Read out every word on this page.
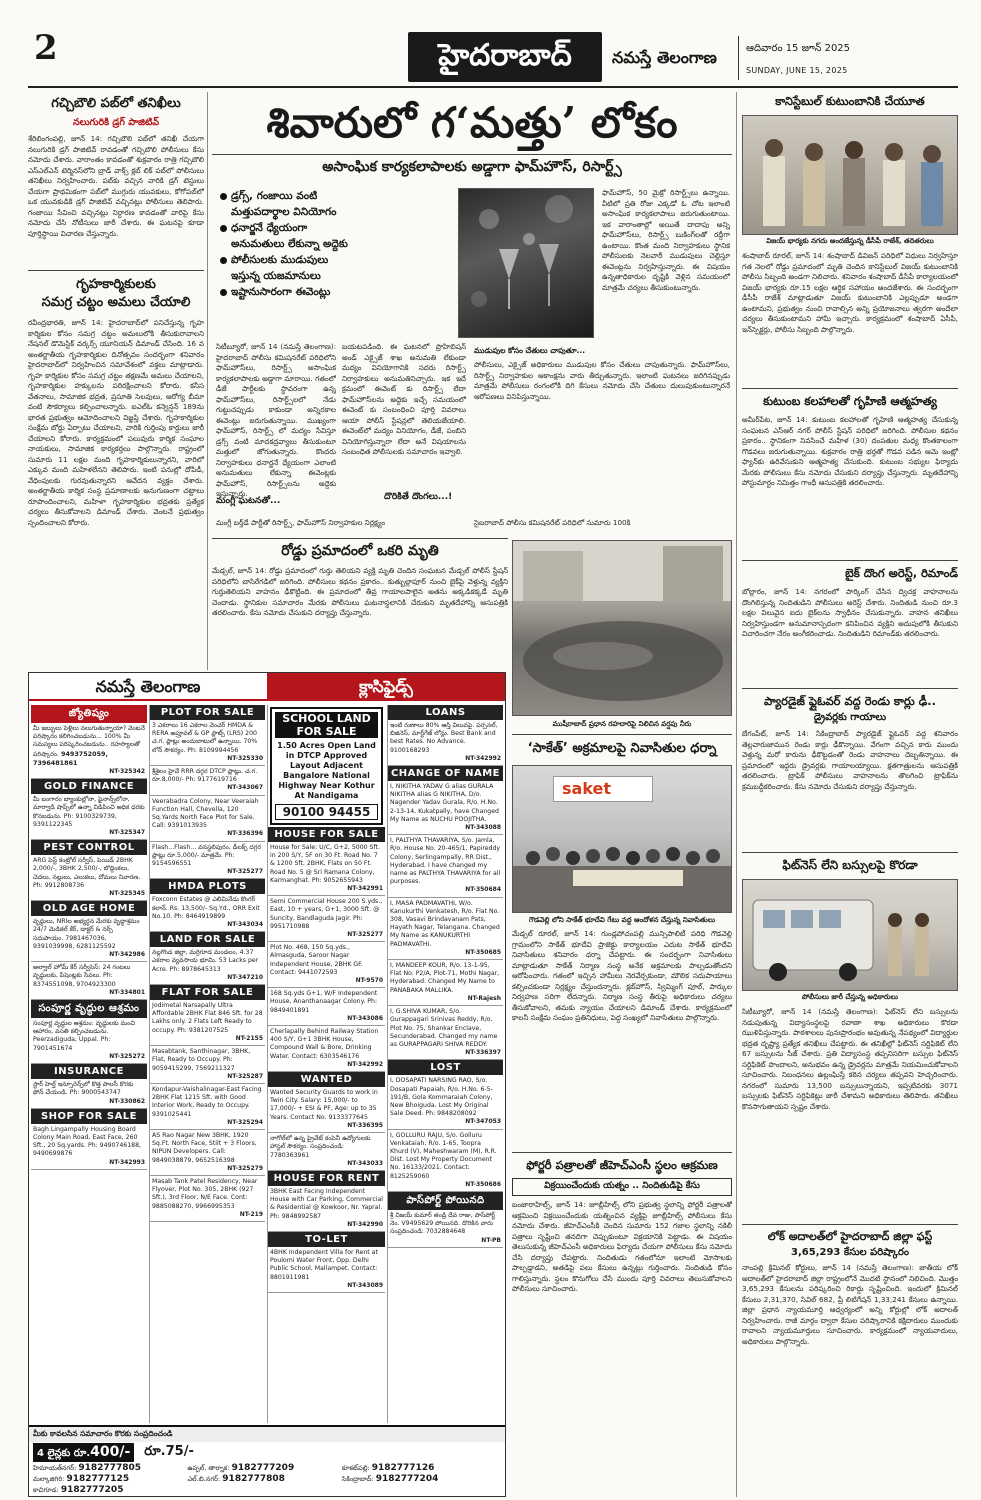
2	హైదరాబాద్	నమస్తే తెలంగాణ	ఆదివారం 15 జూన్ 2025
SUNDAY, JUNE 15, 2025
గచ్చిబౌలి పబ్‌లో తనిఖీలు
నలుగురికి డ్రగ్ పాజిటివ్
శేరిలింగంపల్లి, జూన్ 14: గచ్చిబౌలి పబ్‌లో తనిఖీ చేయగా నలుగురికి డ్రగ్ పాజిటివ్ రావడంతో గచ్చిబౌలి పోలీసులు కేసు నమోదు చేశారు. వారాంతం కావడంతో శుక్రవారం రాత్రి గచ్చిబౌలి ఎస్ఎల్ఎన్ టెర్మినస్‌లోని బ్రాడ్ వాక్స్ క్లబ్ లిక్ పబ్‌లో పోలీసులు తనిఖీలు నిర్వహించారు. పబ్‌కు వచ్చిన వారికి డ్రగ్ టెస్టులు చేయగా ప్రాథమికంగా పబ్‌లో ముగ్గురు యువకులు, కోగోపబ్‌లో ఒక యువకుడికి డ్రగ్ పాజిటివ్ వచ్చినట్లు పోలీసులు తెలిపారు. గంజాయి సేవించి వచ్చినట్లు నిర్ధారణ కావడంతో వారిపై కేసు నమోదు చేసి నోటీసులు జారీ చేశారు. ఈ ఘటనపై కూడా పూర్తిస్థాయి విచారణ చేస్తున్నారు.
గృహకార్మికులకు
సమగ్ర చట్టం అమలు చేయాలి
రవీంద్రభారతి, జూన్ 14: హైదరాబాద్‌లో పనిచేస్తున్న గృహ కార్మికుల కోసం సమగ్ర చట్టం అమలులోకి తీసుకురావాలని నేషనల్ డొమెస్టిక్ వర్కర్స్ యూనియన్ డిమాండ్ చేసింది. 16 వ అంతర్జాతీయ గృహకార్మికుల దినోత్సవం సందర్భంగా శనివారం హైదరాబాద్‌లో నిర్వహించిన సమావేశంలో వక్తలు మాట్లాడారు. గృహ కార్మికుల కోసం సమగ్ర చట్టం తక్షణమే అమలు చేయాలని, గృహకార్మికుల హక్కులను పరిరక్షించాలని కోరారు. కనీస వేతనాలు, సామాజిక భద్రత, ప్రసూతి సెలవులు, ఆరోగ్య బీమా వంటి సౌకర్యాలు కల్పించాలన్నారు. ఐఎల్ఓ కన్వెన్షన్ 189ను భారత ప్రభుత్వం ఆమోదించాలని విజ్ఞప్తి చేశారు. గృహకార్మికుల సంక్షేమ బోర్డు ఏర్పాటు చేయాలని, వారికి గుర్తింపు కార్డులు జారీ చేయాలని కోరారు. కార్యక్రమంలో పలువురు కార్మిక సంఘాల నాయకులు, సామాజిక కార్యకర్తలు పాల్గొన్నారు. రాష్ట్రంలో సుమారు 11 లక్షల మంది గృహకార్మికులున్నారని, వారిలో ఎక్కువ మంది మహిళలేనని తెలిపారు. ఇంటి పనుల్లో దోపిడీ, వేధింపులకు గురవుతున్నారని ఆవేదన వ్యక్తం చేశారు. అంతర్జాతీయ కార్మిక సంస్థ ప్రమాణాలకు అనుగుణంగా చట్టాలు రూపొందించాలని, మహిళా గృహకార్మికుల భద్రతకు ప్రత్యేక చర్యలు తీసుకోవాలని డిమాండ్ చేశారు. వెంటనే ప్రభుత్వం స్పందించాలని కోరారు.
శివారులో గ‘మత్తు’ లోకం
అసాంఘిక కార్యకలాపాలకు అడ్డాగా ఫామ్‌హౌస్, రిసార్ట్స్
డ్రగ్స్, గంజాయి వంటి
మత్తుపదార్థాల వినియోగం
ధనార్జనే ధ్యేయంగా
అనుమతులు లేకున్నా అద్దెకు
పోలీసులకు ముడుపులు
ఇస్తున్న యజమానులు
ఇష్టానుసారంగా ఈవెంట్లు
ఫామ్‌హౌస్, 50 మైక్రో రిసార్ట్స్‌లు ఉన్నాయి. వీటిలో ప్రతి రోజు ఎక్కడో ఓ చోట ఇలాంటి అసాంఘిక కార్యకలాపాలు జరుగుతుంటాయి. ఇక వారాంతాల్లో అయితే దాదాపు అన్ని ఫామ్‌హౌస్‌లు, రిసార్ట్స్ బుకింగ్‌లతో రద్దీగా ఉంటాయి. కొంత మంది నిర్వాహకులు స్థానిక పోలీసులకు నెలవారీ ముడుపులు చెల్లిస్తూ ఈవెంట్లను నిర్వహిస్తున్నారు. ఈ విషయం ఉన్నతాధికారుల దృష్టికి వెళ్లిన సమయంలో మాత్రమే చర్యలు తీసుకుంటున్నారు.
సిటీబ్యూరో, జూన్ 14 (నమస్తే తెలంగాణ): హైదరాబాద్ పోలీసు కమిషనరేట్ పరిధిలోని ఫామ్‌హౌస్‌లు, రిసార్ట్స్ అసాంఘిక కార్యకలాపాలకు అడ్డాగా మారాయి. గతంలో డీజే పార్టీలకు స్థావరంగా ఉన్న ఫామ్‌హౌస్‌లు, రిసార్ట్స్‌లలో నేడు గుట్టుచప్పుడు కాకుండా అన్నిరకాల ఈవెంట్లు జరుగుతున్నాయి. ముఖ్యంగా ఫామ్‌హౌస్, రిసార్ట్స్ లో మద్యం సేవిస్తూ డ్రగ్స్ వంటి మాదకద్రవ్యాలు తీసుకుంటూ మత్తులో జోగుతున్నారు. కొందరు నిర్వాహకులు ధనార్జనే ధ్యేయంగా ఎలాంటి అనుమతులు లేకున్నా ఈవెంట్లకు ఫామ్‌హౌస్, రిసార్ట్స్‌లను అద్దెకు ఇస్తున్నారు.
మంగ్లీ ఘటనతో...
బయటపడింది. ఈ ఘటనలో ప్రొహిబిషన్ అండ్ ఎక్సైజ్ శాఖ అనుమతి లేకుండా మద్యం వినియోగానికి సదరు రిసార్ట్స్ నిర్వాహకులు అనుమతినిచ్చారు. ఇక ఇదే క్రమంలో ఈవెంట్ కు రిసార్ట్స్ లేదా ఫామ్‌హౌస్‌లను అద్దెకు ఇచ్చే సమయంలో ఈవెంట్ కు సంబంధించి పూర్తి వివరాలు ఆయా పోలీస్ స్టేషన్లలో తెలియజేయాలి. ఈవెంట్‌లో మద్యం వినియోగం, డీజే, పంబిని వినియోగిస్తున్నారా లేదా అనే విషయాలను సంబంధిత పోలీసులకు సమాచారం ఇవ్వాలి.
దొరికితే దొంగలు...!
ముడుపుల కోసం చేతులు చాపుతూ...
పోలీసులు, ఎక్సైజ్ అధికారులు ముడుపుల కోసం చేతులు చాపుతున్నారు. ఫామ్‌హౌస్‌లు, రిసార్ట్స్ నిర్వాహకుల ఆకాంక్షను వారు తీర్చుతున్నారు. ఇలాంటి ఘటనలు జరిగినప్పుడు మాత్రమే పోలీసులు రంగంలోకి దిగి కేసులు నమోదు చేసి చేతులు దులుపుకుంటున్నారనే ఆరోపణలు వినిపిస్తున్నాయి.
మంగ్లీ బర్త్‌డే పార్టీతో రిసార్ట్స్, ఫామ్‌హౌస్ నిర్వాహకుల నిర్లక్ష్యం	సైబరాబాద్ పోలీసు కమిషనరేట్ పరిధిలో సుమారు 100కి
రోడ్డు ప్రమాదంలో ఒకరి మృతి
మేడ్చల్, జూన్ 14: రోడ్డు ప్రమాదంలో గుర్తు తెలియని వ్యక్తి మృతి చెందిన సంఘటన మేడ్చల్ పోలీస్ స్టేషన్ పరిధిలోని బాసిరేగడిలో జరిగింది. పోలీసులు కథనం ప్రకారం.. కుత్బుల్లాపూర్ నుంచి బైక్‌పై వెళ్తున్న వ్యక్తిని గుర్తుతెలియని వాహనం ఢీకొట్టింది. ఈ ప్రమాదంలో తీవ్ర గాయాలపాలైన అతను అక్కడికక్కడే మృతి చెందాడు. స్థానికుల సమాచారం మేరకు పోలీసులు ఘటనాస్థలానికి చేరుకుని మృతదేహాన్ని ఆసుపత్రికి తరలించారు. కేసు నమోదు చేసుకుని దర్యాప్తు చేస్తున్నారు.
ముషీరాబాద్ ప్రధాన రహదారిపై నిలిచిన వర్షపు నీరు
నమస్తే తెలంగాణ	క్లాసిఫైడ్స్
జ్యోతిష్యం
మీ జబ్బులు పెళ్లిలు నలుగుతున్నాయా? వెంటనే పరిష్కారం కలిగించబడును... 100% మీ సమస్యలు పరిష్కరించబడును.. రహస్యాలతో పరిష్కారం. 9493752059, 7396481861
NT-325342
GOLD FINANCE
మీ బంగారం బ్యాంకుల్లోనా, ఫైనాన్స్‌లోనా, మార్వాడి షాప్స్‌లో ఉన్నా విడిపించి అధిక ధరకు కొనబడును. Ph: 9100329739, 9391122345
NT-325347
PEST CONTROL
ARG పెస్ట్ కంట్రోల్ సర్వీస్, పెయిడ్ 2BHK 2,000/-, 3BHK 2,500/-, బొద్దింకలు, చెదలు, నల్లులు, ఎలుకలు, దోమలు నివారణ. Ph: 9912808736
NT-325345
OLD AGE HOME
వృద్ధులు, NRIల అభ్యర్థన మేరకు వృద్ధాశ్రమం 24/7 మెడికల్ కేర్, డాక్టర్ & నర్స్ సదుపాయం. 7981467036, 9391039998, 6281125592
NT-342986
అల్వాల్ హోమ్ కేర్ సర్వీసెస్: 24 గంటలు వృద్ధులకు, పేషెంట్లకు సేవలు. Ph: 8374551098, 9704923300
NT-334801
సంపూర్ణ వృద్ధుల ఆశ్రమం
సంపూర్ణ వృద్ధుల ఆశ్రమం: వృద్ధులకు మంచి ఆహారం, వసతి కల్పించబడును. Peerzadiguda, Uppal. Ph: 7901451674
NT-325272
INSURANCE
స్టార్ హెల్త్ ఇన్సూరెన్స్‌లో కొత్త పాలసీ కొరకు ఫోన్ చేయండి. Ph: 9000543747
NT-330862
SHOP FOR SALE
Bagh Lingampally Housing Board Colony Main Road, East Face, 260 Sft., 20 Sq.yards. Ph: 9490746188, 9490699876
NT-342993
PLOT FOR SALE
3 ఎకరాలు 16 ఎకరాల వెంచర్ HMDA & RERA అప్రూవల్ & GP ప్లాట్స్ (LRS) 200 చ.గ. ప్లాట్లు అందుబాటులో ఉన్నాయి. 70% లోన్ సౌకర్యం. Ph: 8109994456
NT-325330
శ్రీశైలం హైవే RRR దగ్గర DTCP ప్లాట్లు. చ.గ. రూ.8,000/- Ph: 9177619716
NT-343067
Veerabadra Colony, Near Veeraiah Function Hall, Chevella, 120 Sq.Yards North Face Plot for Sale. Call: 9391013935
NT-336396
Flash...Flash... వనస్థలిపురం, డీలక్స్ దగ్గర ప్లాట్లు రూ.5,000/- మాత్రమే. Ph: 9154596551
NT-325277
HMDA PLOTS
Foxconn Estates @ ఎలిమినేడు కొంగర్ కలాన్. Rs. 13,500/- Sq.Yd., ORR Exit No.10. Ph: 8464919899
NT-343034
LAND FOR SALE
నల్లగొండ జిల్లా, మర్రిగూడ మండలం, 4.37 ఎకరాల వ్యవసాయ భూమి. 53 Lacks per Acre. Ph: 8978645313
NT-347210
FLAT FOR SALE
Jodimetal Narsapally Ultra Affordable 2BHK Flat 846 Sft. for 28 Lakhs only. 2 Flats Left Ready to occupy. Ph: 9381207525
NT-2155
Masabtank, Santhinagar, 3BHK, Flat, Ready to Occupy. Ph: 9059415299, 7569211327
NT-325287
Kondapur-Vaishalinagar-East Facing 2BHK Flat 1215 Sft. with Good Interior Work, Ready to Occupy. 9391025441
NT-325294
AS Rao Nagar New 3BHK, 1920 Sq.Ft. North Face, Stilt + 3 Floors, NIPUN Developers. Call: 9849038879, 9652516398
NT-325279
Masab Tank Patel Residency, Near Flyover, Plot No. 305, 2BHK (927 Sft.), 3rd Floor, N/E Face. Cont: 9885088270, 9966995353
NT-219
SCHOOL LAND
FOR SALE
1.50 Acres Open Land in DTCP Approved Layout Adjacent Bangalore National Highway Near Kothur At Nandigama
90100 94455
HOUSE FOR SALE
House for Sale: U/C, G+2, 5000 Sft. in 200 S/Y, 5F on 30 Ft. Road No. 7 & 1200 Sft. 2BHK, Flats on 50 Ft. Road No. 5 @ Sri Ramana Colony, Karmanghat. Ph: 9052655943
NT-342991
Semi Commercial House 200 S.yds., East, 10 + years, G+1, 3000 Sft. @ Suncity, Bandlaguda Jagir. Ph: 9951710988
NT-325277
Plot No. 468, 150 Sq.yds., Almasguda, Saroor Nagar Independent House, 2BHK GF. Contact: 9441072593
NT-9570
168 Sq.yds G+1, W/F Independent House, Ananthanaagar Colony. Ph: 9849401891
NT-343086
Cherlapally Behind Railway Station 400 S/Y, G+1 3BHK House, Compound Wall & Bore, Drinking Water. Contact: 6303546176
NT-342992
WANTED
Wanted Security Guards to work in Twin City. Salary: 15,000/- to 17,000/- + ESI & PF, Age: up to 35 Years. Contact No. 9133377645
NT-336395
నాగోల్‌లో ఉన్న ప్రైవేట్ కంపెనీ ఉద్యోగులకు హాస్టల్ సౌకర్యం. సంప్రదించండి: 7780363961
NT-343033
HOUSE FOR RENT
3BHK East Facing Independent House with Car Parking, Commercial & Residential @ Kowkoor, Nr. Yapral. Ph: 9848992587
NT-342990
TO-LET
4BHK Independent Villa for Rent at Poulomi Water Front, Opp. Delhi Public School, Mallampet. Contact: 8801911981
NT-343089
LOANS
ఇంటి రుణాలు 80% ఆస్తి విలువపై. పర్సనల్, బిజినెస్, మార్ట్‌గేజ్ లోన్లు. Best Bank and best Rates. No Advance. 9100168293
NT-342992
CHANGE OF NAME
I, NIKITHA YADAV G alias GURALA NIKITHA alias G NIKITHA, D/o. Nagender Yadav Gurala, R/o. H.No. 2-13-14, Kukatpally, have Changed My Name as NUCHU POOJITHA.
NT-343088
I, PALTHYA THAVARIYA, S/o. Jamla, R/o. House No. 20-465/1, Papireddy Colony, Serlingampally, RR Dist., Hyderabad. I have changed my name as PALTHYA THAVARIYA for all purposes.
NT-350684
I, MASA PADMAVATHI, W/o. Kanukurthi Venkatesh, R/o. Flat No. 308, Vasavi Brindavanam Pats, Hayath Nagar, Telangana. Changed My Name as KANUKURTHI PADMAVATHI.
NT-350685
I, MANDEEP KOUR, R/o. 13-1-95, Flat No. P2/A, Plot-71, Mothi Nagar, Hyderabad. Changed My Name to PANABAKA MALLIKA.
NT-Rajesh
I, G.SHIVA KUMAR, S/o. Gurappagari Srinivas Reddy, R/o. Plot No. 75, Shankar Enclave, Secunderabad. Changed my name as GURAPPAGARI SHIVA REDDY.
NT-336397
LOST
I, DOSAPATI NARSING RAO, S/o. Dosapati Papaiah, R/o. H.No. 6-5-191/B, Gola Kommaraiah Colony, New Bhoiguda. Lost My Original Sale Deed. Ph: 9848208092
NT-347053
I, GOLLURU RAJU, S/o. Golluru Venkataiah, R/o. 1-65, Toopra Khurd (V), Maheshwaram (M), R.R. Dist. Lost My Property Document No. 16133/2021. Contact: 8125259060
NT-350686
పాస్‌పోర్ట్ పోయినది
శ్రీ విజయ్ కుమార్ తండ్రి దేవ రాజు, పాస్‌పోర్ట్ నెం. V9495629 పోయినది. దొరికిన వారు సంప్రదించండి: 7032884648
NT-PB
మీకు కావలసిన సమాచారం కొరకు సంప్రదించండి
4 లైన్లకు రూ.400/-	రూ.75/-
హిమాయత్‌నగర్: 9182777805	ఉప్పల్, తార్నాక: 9182777209	కూకట్‌పల్లి: 9182777126
మల్కాజిగిరి: 9182777125	ఎల్.బి.నగర్: 9182777808	సికింద్రాబాద్: 9182777204
కాచిగూడ: 9182777205
‘సాకేత్’ అక్రమాలపై నివాసితుల ధర్నా
saket
గౌడవెల్లి లోని సాకేత్ భూదేవి గేటు వద్ద ఆందోళన చేస్తున్న నివాసితులు
మేడ్చల్ రూరల్, జూన్ 14: గుండ్లపోచంపల్లి మున్సిపాలిటీ పరిధి గౌడవెల్లి గ్రామంలోని సాకేత్ భూదేవి ప్రాజెక్టు కార్యాలయం ఎదుట సాకేత్ భూదేవి నివాసితులు శనివారం ధర్నా చేపట్టారు. ఈ సందర్భంగా నివాసితులు మాట్లాడుతూ సాకేత్ నిర్మాణ సంస్థ అనేక అక్రమాలకు పాల్పడుతోందని ఆరోపించారు. గతంలో ఇచ్చిన హామీలు నెరవేర్చకుండా, మౌలిక సదుపాయాలు కల్పించకుండా నిర్లక్ష్యం చేస్తుందన్నారు. క్లబ్‌హౌస్, స్విమ్మింగ్ పూల్, పార్కుల నిర్వహణ సరిగా లేదన్నారు. నిర్మాణ సంస్థ తీరుపై అధికారులు చర్యలు తీసుకోవాలని, తమకు న్యాయం చేయాలని డిమాండ్ చేశారు. కార్యక్రమంలో కాలనీ సంక్షేమ సంఘం ప్రతినిధులు, పెద్ద సంఖ్యలో నివాసితులు పాల్గొన్నారు.
ఫోర్జరీ పత్రాలతో జీహెచ్‌ఎంసీ స్థలం ఆక్రమణ
విక్రయించేందుకు యత్నం .. నిందితుడిపై కేసు
బంజారాహిల్స్, జూన్ 14: జూబ్లీహిల్స్ లోని ప్రభుత్వ స్థలాన్ని ఫోర్జరీ పత్రాలతో ఆక్రమించి విక్రయించేందుకు యత్నించిన వ్యక్తిపై జూబ్లీహిల్స్ పోలీసులు కేసు నమోదు చేశారు. జీహెచ్‌ఎంసీకి చెందిన సుమారు 152 గజాల స్థలాన్ని నకిలీ పత్రాలు సృష్టించి తనదిగా చెప్పుకుంటూ విక్రయానికి పెట్టాడు. ఈ విషయం తెలుసుకున్న జీహెచ్‌ఎంసీ అధికారులు ఫిర్యాదు చేయగా పోలీసులు కేసు నమోదు చేసి దర్యాప్తు చేపట్టారు. నిందితుడు గతంలోనూ ఇలాంటి మోసాలకు పాల్పడ్డాడని, అతడిపై పలు కేసులు ఉన్నట్లు గుర్తించారు. నిందితుడి కోసం గాలిస్తున్నారు. స్థలం కొనుగోలు చేసే ముందు పూర్తి వివరాలు తెలుసుకోవాలని పోలీసులు సూచించారు.
కానిస్టేబుల్ కుటుంబానికి చేయూత
విజయ్ భార్యకు నగదు అందజేస్తున్న డీసీపీ రాజేశ్, తదితరులు
శంషాబాద్ రూరల్, జూన్ 14: శంషాబాద్ డివిజన్ పరిధిలో విధులు నిర్వహిస్తూ గత నెలలో రోడ్డు ప్రమాదంలో మృతి చెందిన కానిస్టేబుల్ విజయ్ కుటుంబానికి పోలీసు సిబ్బంది అండగా నిలిచారు. శనివారం శంషాబాద్ డీసీపీ కార్యాలయంలో విజయ్ భార్యకు రూ.15 లక్షల ఆర్థిక సహాయం అందజేశారు. ఈ సందర్భంగా డీసీపీ రాజేశ్ మాట్లాడుతూ విజయ్ కుటుంబానికి ఎల్లప్పుడూ అండగా ఉంటామని, ప్రభుత్వం నుంచి రావాల్సిన అన్ని ప్రయోజనాలు త్వరగా అందేలా చర్యలు తీసుకుంటామని హామీ ఇచ్చారు. కార్యక్రమంలో శంషాబాద్ ఏసీపీ, ఇన్‌స్పెక్టర్లు, పోలీసు సిబ్బంది పాల్గొన్నారు.
కుటుంబ కలహాలతో గృహిణి ఆత్మహత్య
అమీర్‌పేట, జూన్ 14: కుటుంబ కలహాలతో గృహిణి ఆత్మహత్య చేసుకున్న సంఘటన ఎస్ఆర్ నగర్ పోలీస్ స్టేషన్ పరిధిలో జరిగింది. పోలీసుల కథనం ప్రకారం.. స్థానికంగా నివసించే మహిళ (30) దంపతుల మధ్య కొంతకాలంగా గొడవలు జరుగుతున్నాయి. శుక్రవారం రాత్రి భర్తతో గొడవ పడిన ఆమె ఇంట్లో ఫ్యాన్‌కు ఉరివేసుకుని ఆత్మహత్య చేసుకుంది. కుటుంబ సభ్యుల ఫిర్యాదు మేరకు పోలీసులు కేసు నమోదు చేసుకుని దర్యాప్తు చేస్తున్నారు. మృతదేహాన్ని పోస్టుమార్టం నిమిత్తం గాంధీ ఆసుపత్రికి తరలించారు.
బైక్ దొంగ అరెస్ట్, రిమాండ్
బోల్లారం, జూన్ 14: నగరంలో పార్కింగ్ చేసిన ద్విచక్ర వాహనాలను దొంగిలిస్తున్న నిందితుడిని పోలీసులు అరెస్ట్ చేశారు. నిందితుడి నుంచి రూ.3 లక్షల విలువైన ఐదు బైక్‌లను స్వాధీనం చేసుకున్నారు. వాహన తనిఖీలు నిర్వహిస్తుండగా అనుమానాస్పదంగా కనిపించిన వ్యక్తిని అదుపులోకి తీసుకుని విచారించగా నేరం అంగీకరించాడు. నిందితుడిని రిమాండ్‌కు తరలించారు.
ప్యారడైజ్ ఫ్లైఓవర్ వద్ద రెండు కార్లు ఢీ..
డ్రైవర్లకు గాయాలు
బేగంపేట్, జూన్ 14: సికింద్రాబాద్ ప్యారడైజ్ ఫ్లైఓవర్ వద్ద శనివారం తెల్లవారుజామున రెండు కార్లు ఢీకొన్నాయి. వేగంగా వచ్చిన కారు ముందు వెళ్తున్న మరో కారును ఢీకొట్టడంతో రెండు వాహనాలు దెబ్బతిన్నాయి. ఈ ప్రమాదంలో ఇద్దరు డ్రైవర్లకు గాయాలయ్యాయి. క్షతగాత్రులను ఆసుపత్రికి తరలించారు. ట్రాఫిక్ పోలీసులు వాహనాలను తొలగించి ట్రాఫిక్‌ను క్రమబద్ధీకరించారు. కేసు నమోదు చేసుకుని దర్యాప్తు చేస్తున్నారు.
ఫిట్‌నెస్ లేని బస్సులపై కొరడా
పోలీసులు జారీ చేస్తున్న అధికారులు
సిటీబ్యూరో, జూన్ 14 (నమస్తే తెలంగాణ): ఫిట్‌నెస్ లేని బస్సులను నడుపుతున్న విద్యాసంస్థలపై రవాణా శాఖ అధికారులు కొరడా ఝుళిపిస్తున్నారు. పాఠశాలలు పునఃప్రారంభం అవుతున్న నేపథ్యంలో విద్యార్థుల భద్రత దృష్ట్యా ప్రత్యేక తనిఖీలు చేపట్టారు. ఈ తనిఖీల్లో ఫిట్‌నెస్ సర్టిఫికెట్ లేని 67 బస్సులను సీజ్ చేశారు. ప్రతి విద్యాసంస్థ తప్పనిసరిగా బస్సుల ఫిట్‌నెస్ సర్టిఫికెట్ పొందాలని, అనుభవం ఉన్న డ్రైవర్లను మాత్రమే నియమించుకోవాలని సూచించారు. నిబంధనలు ఉల్లంఘిస్తే కఠిన చర్యలు తప్పవని హెచ్చరించారు. నగరంలో సుమారు 13,500 బస్సులున్నాయని, ఇప్పటివరకు 3071 బస్సులకు ఫిట్‌నెస్ సర్టిఫికెట్లు జారీ చేశామని అధికారులు తెలిపారు. తనిఖీలు కొనసాగుతాయని స్పష్టం చేశారు.
లోక్ అదాలత్‌లో హైదరాబాద్ జిల్లా ఫస్ట్
3,65,293 కేసుల పరిష్కారం
నాంపల్లి క్రిమినల్ కోర్టులు, జూన్ 14 (నమస్తే తెలంగాణ): జాతీయ లోక్ అదాలత్‌లో హైదరాబాద్ జిల్లా రాష్ట్రంలోనే మొదటి స్థానంలో నిలిచింది. మొత్తం 3,65,293 కేసులను పరిష్కరించి రికార్డు సృష్టించింది. ఇందులో క్రిమినల్ కేసులు 2,31,370, సివిల్ 682, ప్రీ లిటిగేషన్ 1,33,241 కేసులు ఉన్నాయి. జిల్లా ప్రధాన న్యాయమూర్తి ఆధ్వర్యంలో అన్ని కోర్టుల్లో లోక్ అదాలత్ నిర్వహించారు. రాజీ మార్గం ద్వారా కేసుల పరిష్కారానికి కక్షిదారులు ముందుకు రావాలని న్యాయమూర్తులు సూచించారు. కార్యక్రమంలో న్యాయవాదులు, అధికారులు పాల్గొన్నారు.
